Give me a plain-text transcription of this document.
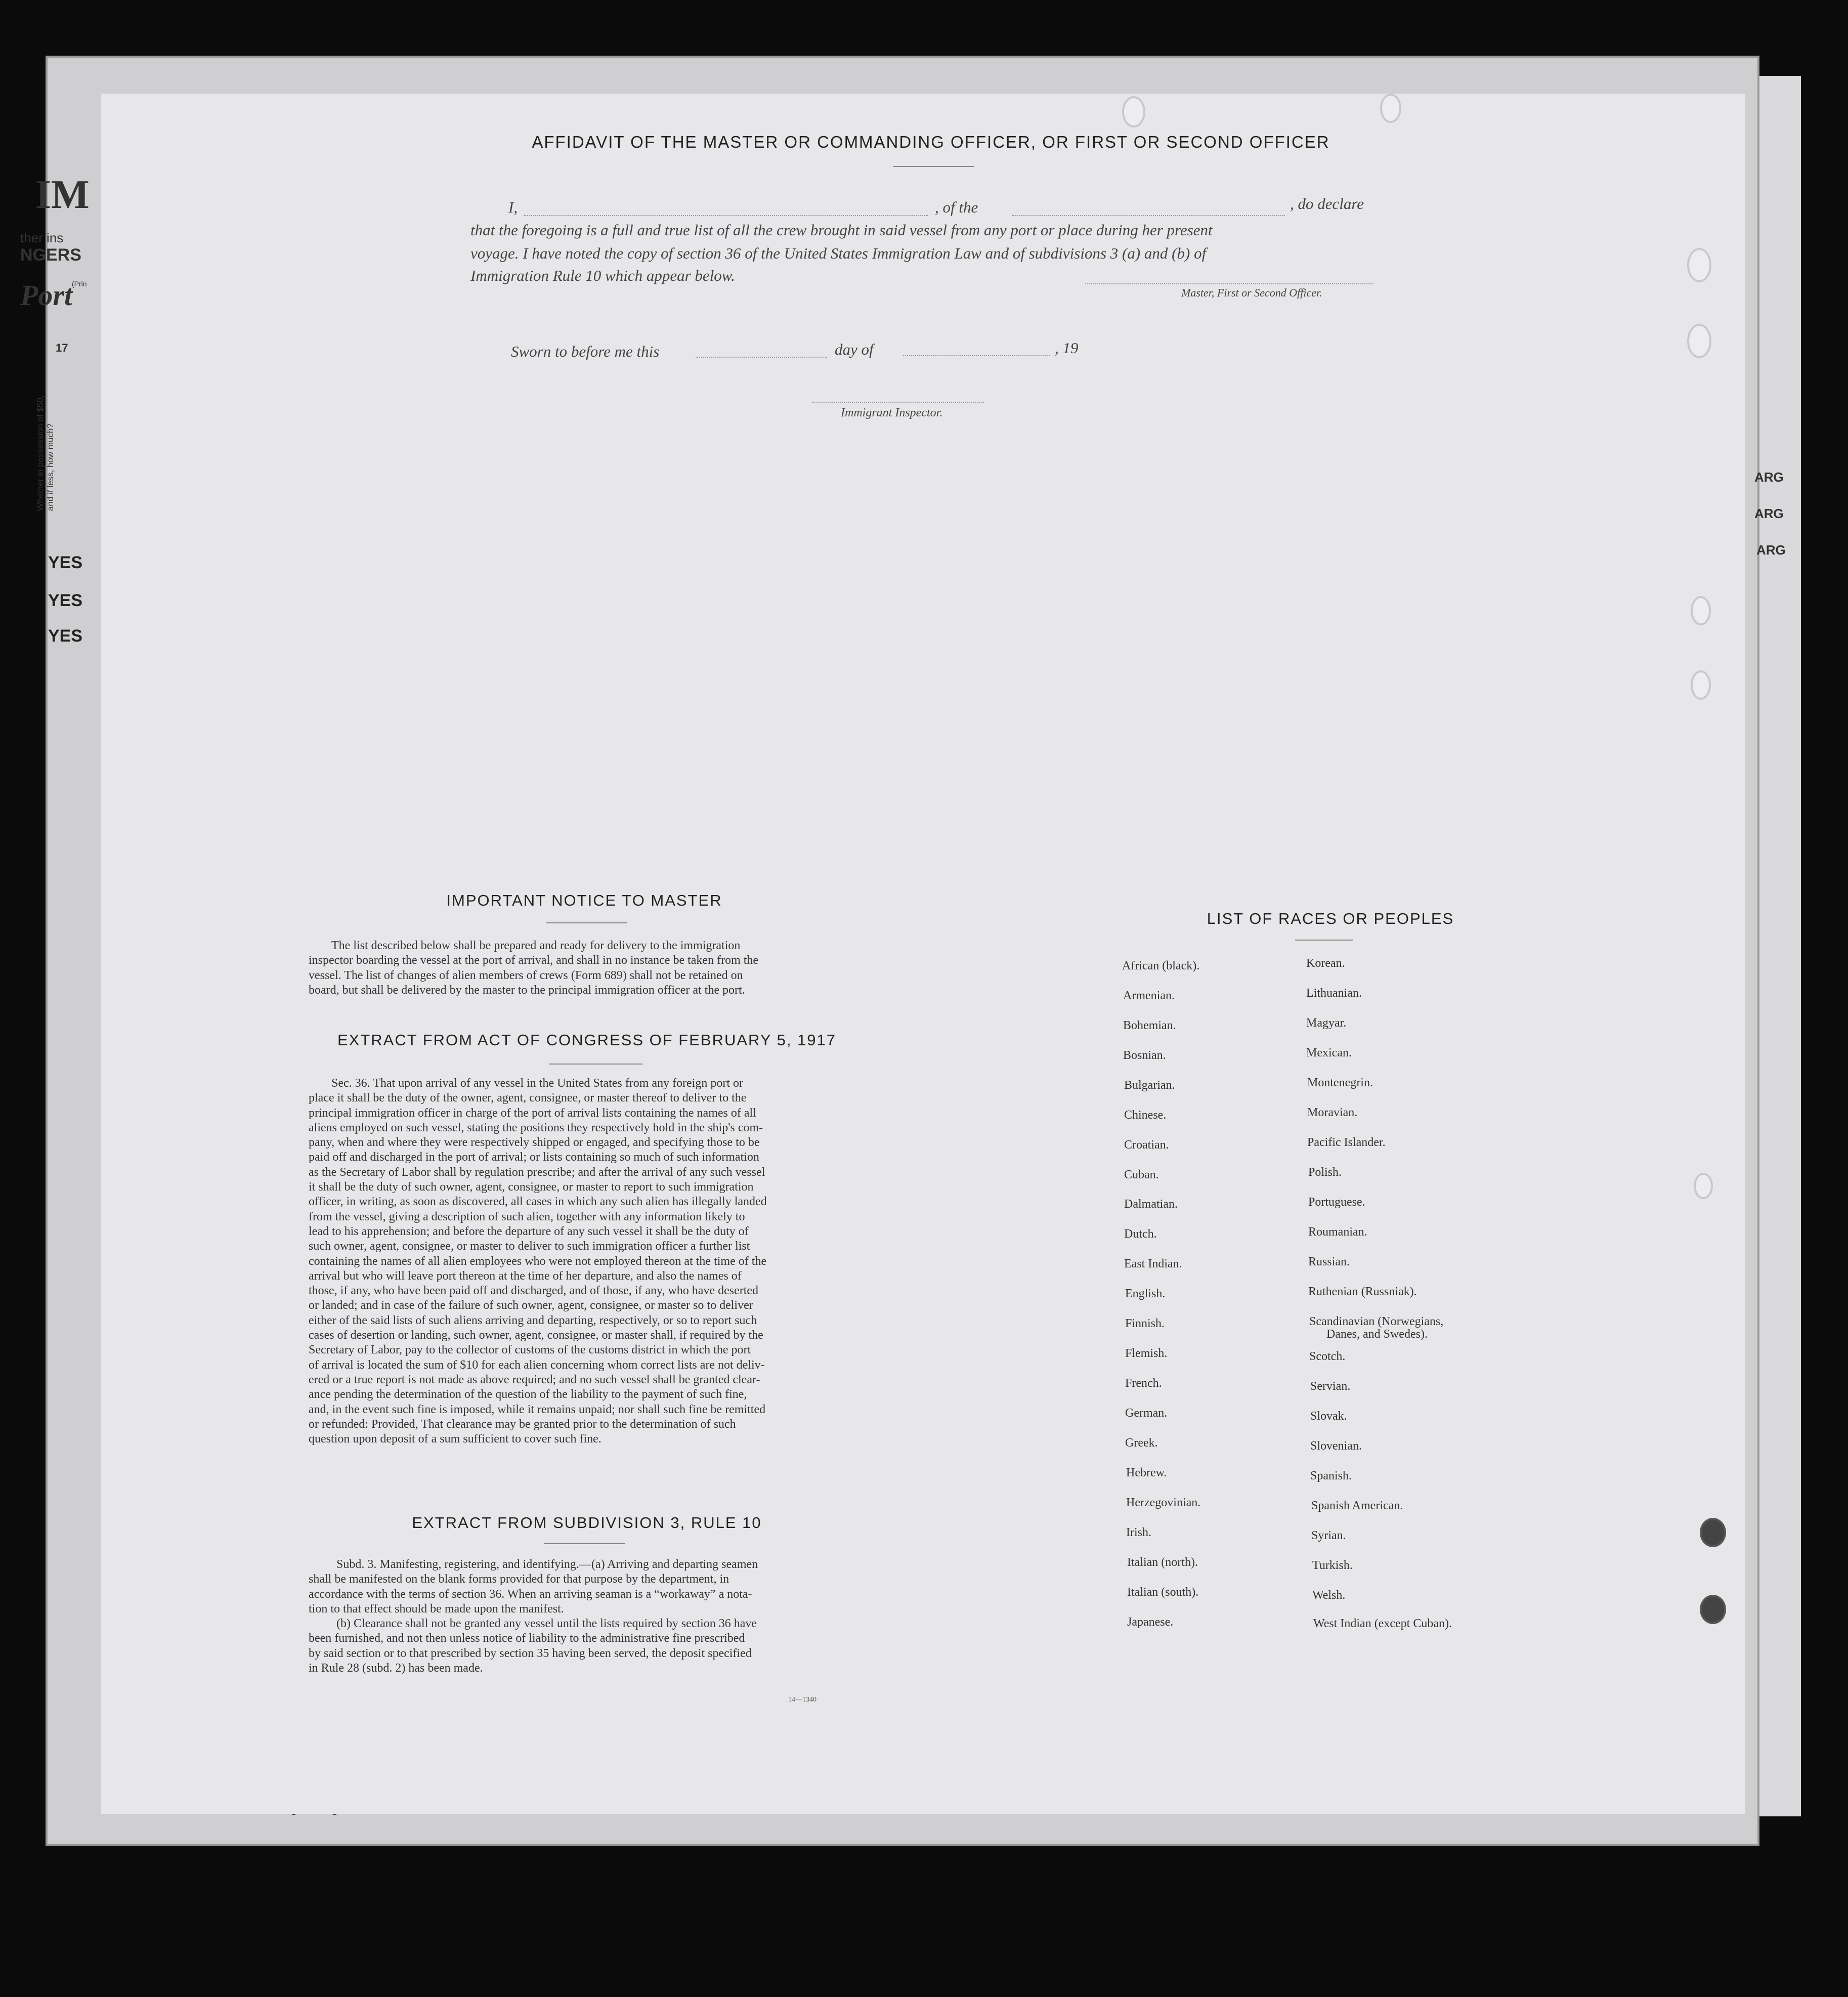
IM
ther ins
NGERS
Port
(Prin
17
Whether in possession of $50, and if less, how much?
YES
YES
YES
ARG
ARG
ARG
AFFIDAVIT OF THE MASTER OR COMMANDING OFFICER, OR FIRST OR SECOND OFFICER
I,	, of the	, do declare
that the foregoing is a full and true list of all the crew brought in said vessel from any port or place during her present
voyage. I have noted the copy of section 36 of the United States Immigration Law and of subdivisions 3 (a) and (b) of
Immigration Rule 10 which appear below.
Master, First or Second Officer.
Sworn to before me this	day of	, 19
Immigrant Inspector.
IMPORTANT NOTICE TO MASTER
The list described below shall be prepared and ready for delivery to the immigration
inspector boarding the vessel at the port of arrival, and shall in no instance be taken from the
vessel. The list of changes of alien members of crews (Form 689) shall not be retained on
board, but shall be delivered by the master to the principal immigration officer at the port.
EXTRACT FROM ACT OF CONGRESS OF FEBRUARY 5, 1917
Sec. 36. That upon arrival of any vessel in the United States from any foreign port or
place it shall be the duty of the owner, agent, consignee, or master thereof to deliver to the
principal immigration officer in charge of the port of arrival lists containing the names of all
aliens employed on such vessel, stating the positions they respectively hold in the ship's com-
pany, when and where they were respectively shipped or engaged, and specifying those to be
paid off and discharged in the port of arrival; or lists containing so much of such information
as the Secretary of Labor shall by regulation prescribe; and after the arrival of any such vessel
it shall be the duty of such owner, agent, consignee, or master to report to such immigration
officer, in writing, as soon as discovered, all cases in which any such alien has illegally landed
from the vessel, giving a description of such alien, together with any information likely to
lead to his apprehension; and before the departure of any such vessel it shall be the duty of
such owner, agent, consignee, or master to deliver to such immigration officer a further list
containing the names of all alien employees who were not employed thereon at the time of the
arrival but who will leave port thereon at the time of her departure, and also the names of
those, if any, who have been paid off and discharged, and of those, if any, who have deserted
or landed; and in case of the failure of such owner, agent, consignee, or master so to deliver
either of the said lists of such aliens arriving and departing, respectively, or so to report such
cases of desertion or landing, such owner, agent, consignee, or master shall, if required by the
Secretary of Labor, pay to the collector of customs of the customs district in which the port
of arrival is located the sum of $10 for each alien concerning whom correct lists are not deliv-
ered or a true report is not made as above required; and no such vessel shall be granted clear-
ance pending the determination of the question of the liability to the payment of such fine,
and, in the event such fine is imposed, while it remains unpaid; nor shall such fine be remitted
or refunded: Provided, That clearance may be granted prior to the determination of such
question upon deposit of a sum sufficient to cover such fine.
EXTRACT FROM SUBDIVISION 3, RULE 10
Subd. 3. Manifesting, registering, and identifying.—(a) Arriving and departing seamen
shall be manifested on the blank forms provided for that purpose by the department, in
accordance with the terms of section 36. When an arriving seaman is a “workaway” a nota-
tion to that effect should be made upon the manifest.
(b) Clearance shall not be granted any vessel until the lists required by section 36 have
been furnished, and not then unless notice of liability to the administrative fine prescribed
by said section or to that prescribed by section 35 having been served, the deposit specified
in Rule 28 (subd. 2) has been made.
14—1340
LIST OF RACES OR PEOPLES
African (black).
Armenian.
Bohemian.
Bosnian.
Bulgarian.
Chinese.
Croatian.
Cuban.
Dalmatian.
Dutch.
East Indian.
English.
Finnish.
Flemish.
French.
German.
Greek.
Hebrew.
Herzegovinian.
Irish.
Italian (north).
Italian (south).
Japanese.
Korean.
Lithuanian.
Magyar.
Mexican.
Montenegrin.
Moravian.
Pacific Islander.
Polish.
Portuguese.
Roumanian.
Russian.
Ruthenian (Russniak).
Scandinavian (Norwegians,
Danes, and Swedes).
Scotch.
Servian.
Slovak.
Slovenian.
Spanish.
Spanish American.
Syrian.
Turkish.
Welsh.
West Indian (except Cuban).
